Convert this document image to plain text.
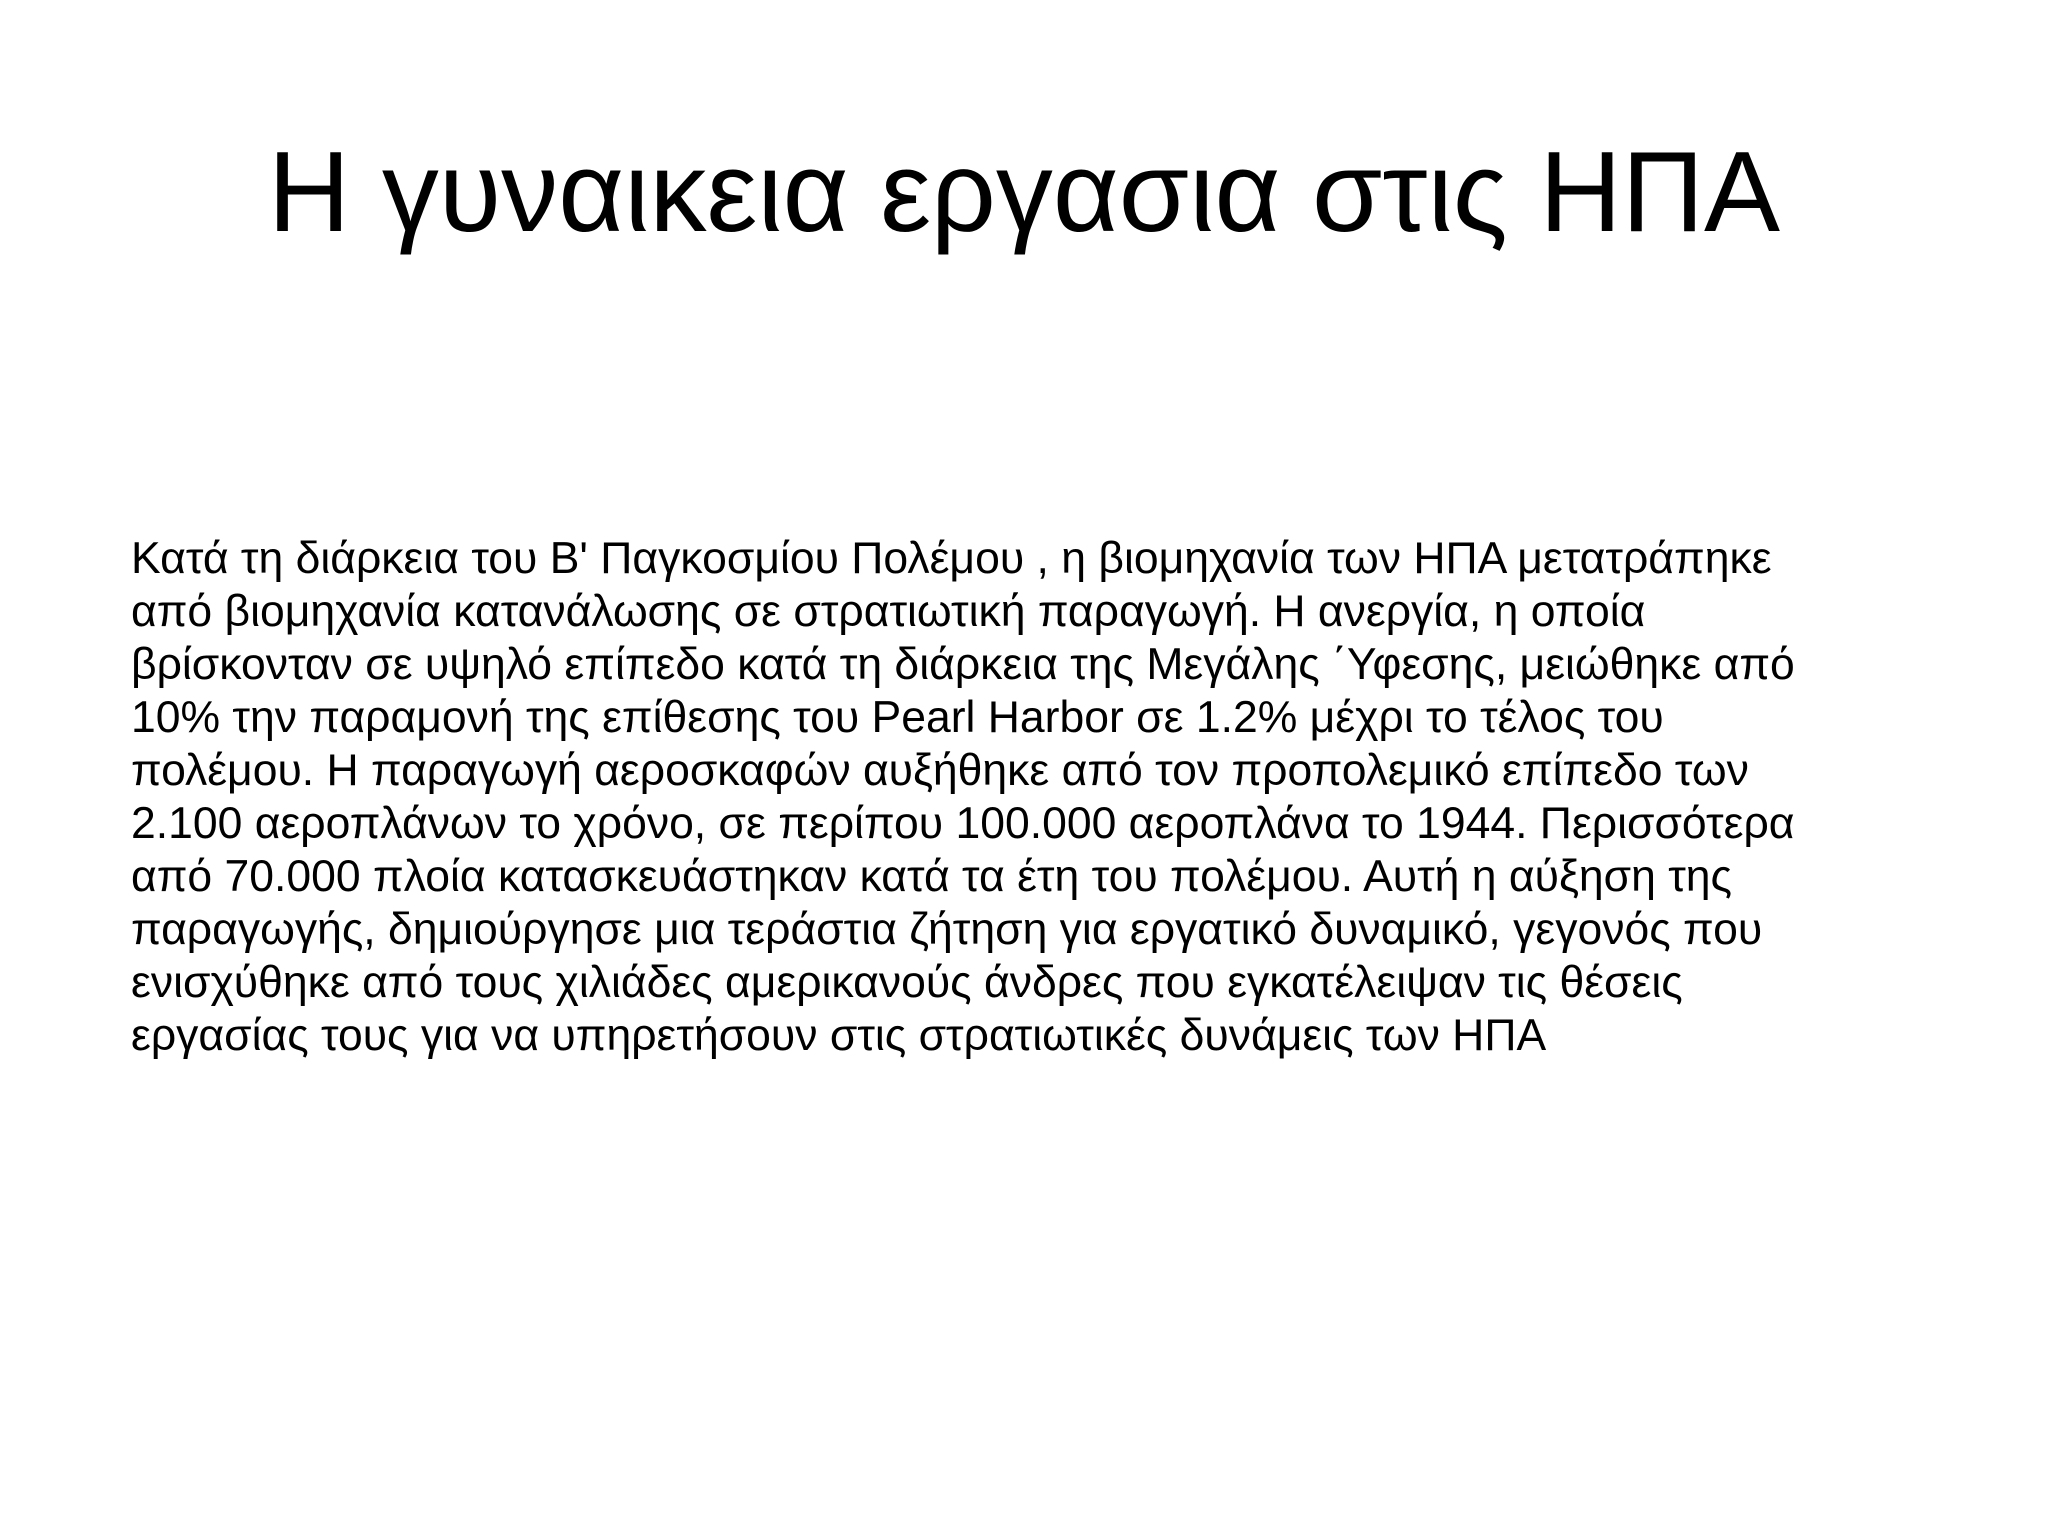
Η γυναικεια εργασια στις ΗΠΑ
Κατά τη διάρκεια του Β' Παγκοσμίου Πολέμου , η βιομηχανία των ΗΠΑ μετατράπηκε
από βιομηχανία κατανάλωσης σε στρατιωτική παραγωγή. Η ανεργία, η οποία
βρίσκονταν σε υψηλό επίπεδο κατά τη διάρκεια της Μεγάλης ΄Υφεσης, μειώθηκε από
10% την παραμονή της επίθεσης του Pearl Harbor σε 1.2% μέχρι το τέλος του
πολέμου. Η παραγωγή αεροσκαφών αυξήθηκε από τον προπολεμικό επίπεδο των
2.100 αεροπλάνων το χρόνο, σε περίπου 100.000 αεροπλάνα το 1944. Περισσότερα
από 70.000 πλοία κατασκευάστηκαν κατά τα έτη του πολέμου. Αυτή η αύξηση της
παραγωγής, δημιούργησε μια τεράστια ζήτηση για εργατικό δυναμικό, γεγονός που
ενισχύθηκε από τους χιλιάδες αμερικανούς άνδρες που εγκατέλειψαν τις θέσεις
εργασίας τους για να υπηρετήσουν στις στρατιωτικές δυνάμεις των ΗΠΑ
